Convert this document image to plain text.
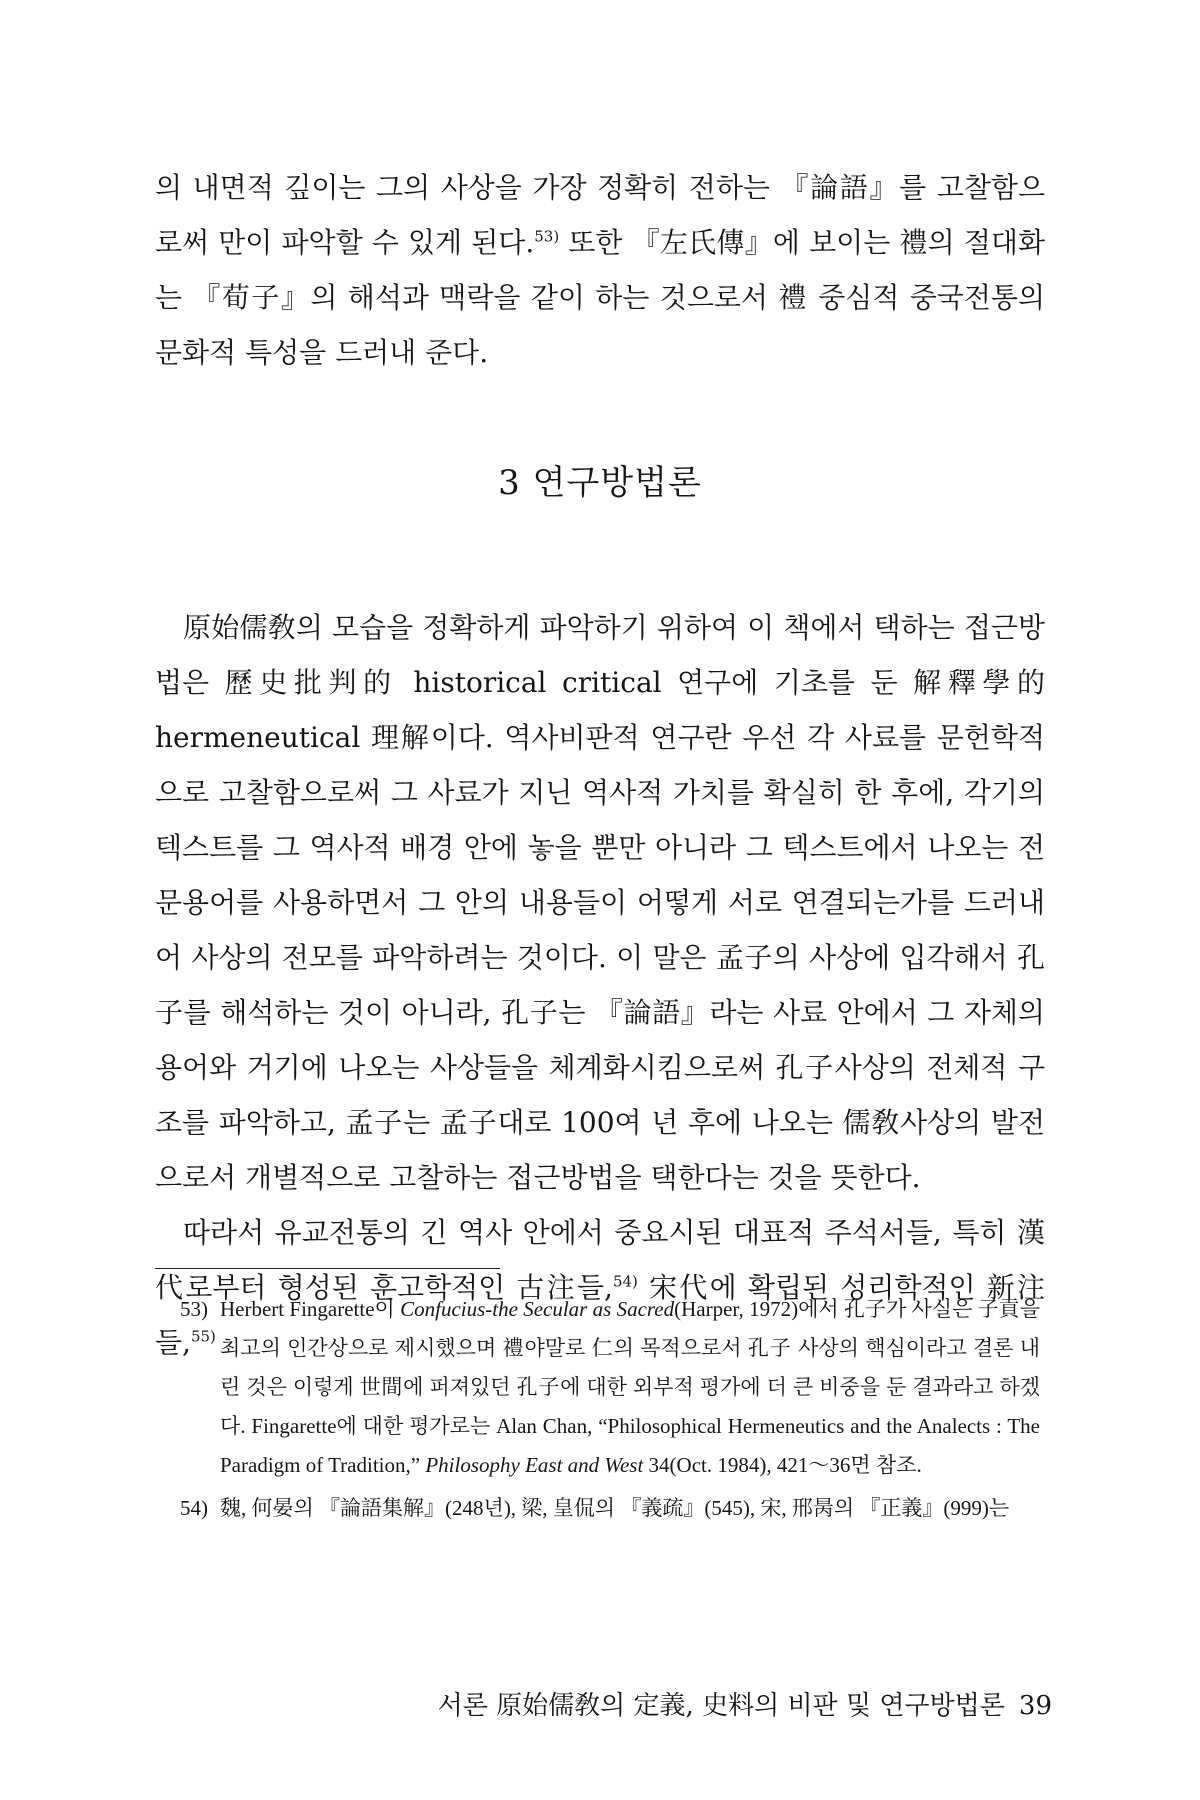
의 내면적 깊이는 그의 사상을 가장 정확히 전하는 『論語』를 고찰함으로써 만이 파악할 수 있게 된다.$^{53)}$ 또한 『左氏傳』에 보이는 禮의 절대화는 『荀子』의 해석과 맥락을 같이 하는 것으로서 禮 중심적 중국전통의 문화적 특성을 드러내 준다.

3 연구방법론

原始儒敎의 모습을 정확하게 파악하기 위하여 이 책에서 택하는 접근방법은 歷史批判的 historical critical 연구에 기초를 둔 解釋學的 hermeneutical 理解이다. 역사비판적 연구란 우선 각 사료를 문헌학적으로 고찰함으로써 그 사료가 지닌 역사적 가치를 확실히 한 후에, 각기의 텍스트를 그 역사적 배경 안에 놓을 뿐만 아니라 그 텍스트에서 나오는 전문용어를 사용하면서 그 안의 내용들이 어떻게 서로 연결되는가를 드러내어 사상의 전모를 파악하려는 것이다. 이 말은 孟子의 사상에 입각해서 孔子를 해석하는 것이 아니라, 孔子는 『論語』라는 사료 안에서 그 자체의 용어와 거기에 나오는 사상들을 체계화시킴으로써 孔子사상의 전체적 구조를 파악하고, 孟子는 孟子대로 100여 년 후에 나오는 儒敎사상의 발전으로서 개별적으로 고찰하는 접근방법을 택한다는 것을 뜻한다.

따라서 유교전통의 긴 역사 안에서 중요시된 대표적 주석서들, 특히 漢代로부터 형성된 훈고학적인 古注들,$^{54)}$ 宋代에 확립된 성리학적인 新注들,$^{55)}$

53) Herbert Fingarette이 Confucius-the Secular as Sacred(Harper, 1972)에서 孔子가 사실은 子貢을 최고의 인간상으로 제시했으며 禮야말로 仁의 목적으로서 孔子 사상의 핵심이라고 결론 내린 것은 이렇게 世間에 퍼져있던 孔子에 대한 외부적 평가에 더 큰 비중을 둔 결과라고 하겠다. Fingarette에 대한 평가로는 Alan Chan, “Philosophical Hermeneutics and the Analects : The Paradigm of Tradition,” Philosophy East and West 34(Oct. 1984), 421～36면 참조.

54) 魏, 何晏의 『論語集解』(248년), 梁, 皇侃의 『義疏』(545), 宋, 邢昺의 『正義』(999)는

서론 原始儒敎의 定義, 史料의 비판 및 연구방법론 39
